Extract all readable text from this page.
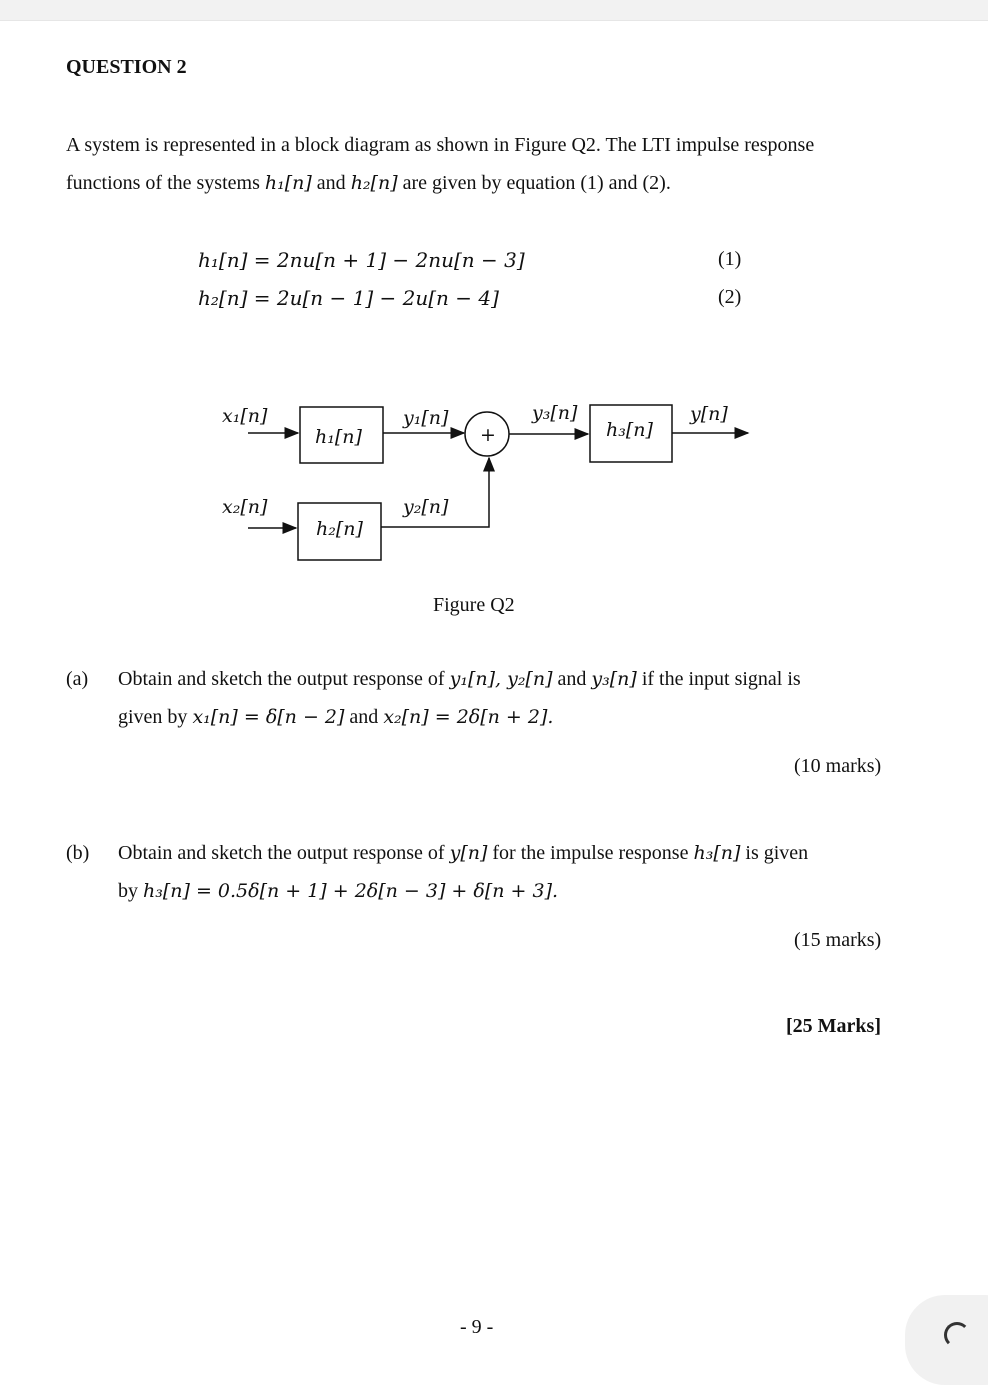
QUESTION 2
A system is represented in a block diagram as shown in Figure Q2. The LTI impulse response
functions of the systems h₁[n] and h₂[n] are given by equation (1) and (2).
h₁[n] = 2nu[n + 1] − 2nu[n − 3]	(1)
h₂[n] = 2u[n − 1] − 2u[n − 4]	(2)
x₁[n]
h₁[n]
y₁[n]
+
y₃[n]
h₃[n]
y[n]
x₂[n]
h₂[n]
y₂[n]
Figure Q2
(a) Obtain and sketch the output response of y₁[n], y₂[n] and y₃[n] if the input signal is
given by x₁[n] = δ[n − 2] and x₂[n] = 2δ[n + 2].
(10 marks)
(b) Obtain and sketch the output response of y[n] for the impulse response h₃[n] is given
by h₃[n] = 0.5δ[n + 1] + 2δ[n − 3] + δ[n + 3].
(15 marks)
[25 Marks]
- 9 -
